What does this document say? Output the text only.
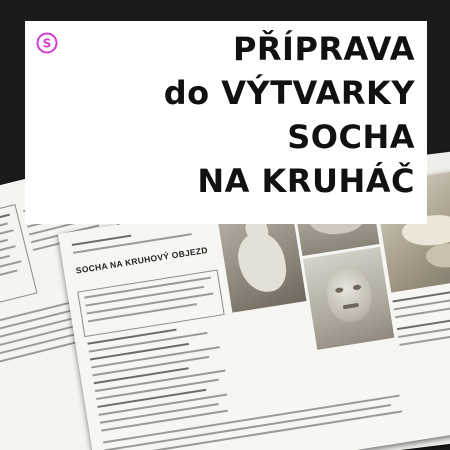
SOCHA NA KRUHOVÝ OBJEZD
S	PŘÍPRAVA
do VÝTVARKY
SOCHA
NA KRUHÁČ
